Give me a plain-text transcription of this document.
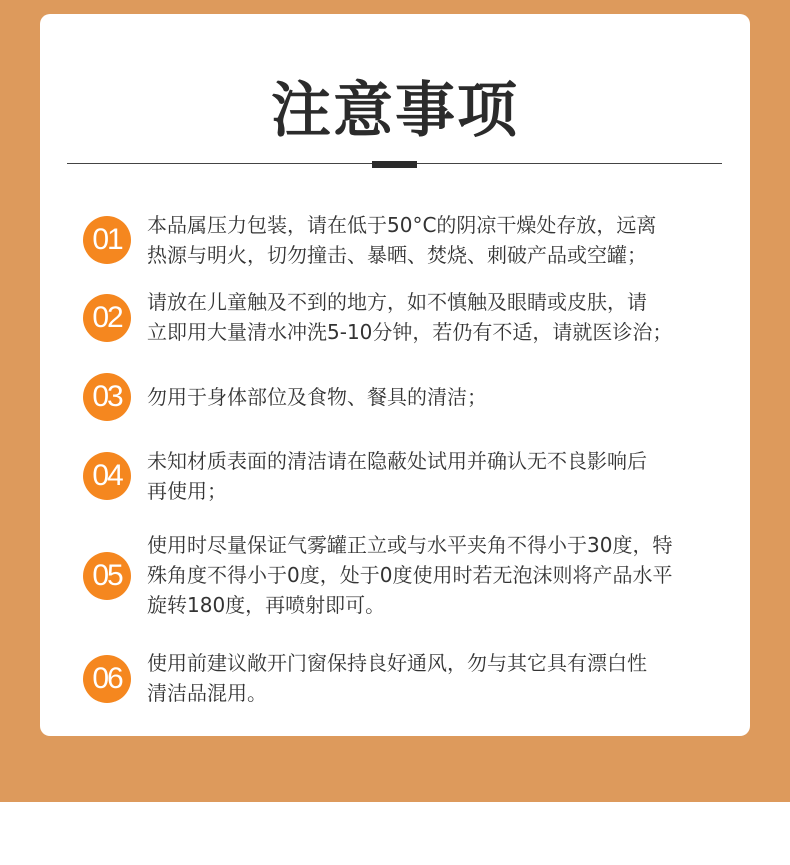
注意事项
01	本品属压力包装，请在低于50°C的阴凉干燥处存放，远离
热源与明火，切勿撞击、暴晒、焚烧、刺破产品或空罐；
02	请放在儿童触及不到的地方，如不慎触及眼睛或皮肤，请
立即用大量清水冲洗5-10分钟，若仍有不适，请就医诊治；
03	勿用于身体部位及食物、餐具的清洁；
04	未知材质表面的清洁请在隐蔽处试用并确认无不良影响后
再使用；
05
使用时尽量保证气雾罐正立或与水平夹角不得小于30度，特
殊角度不得小于0度，处于0度使用时若无泡沫则将产品水平
旋转180度，再喷射即可。
06	使用前建议敞开门窗保持良好通风，勿与其它具有漂白性
清洁品混用。
